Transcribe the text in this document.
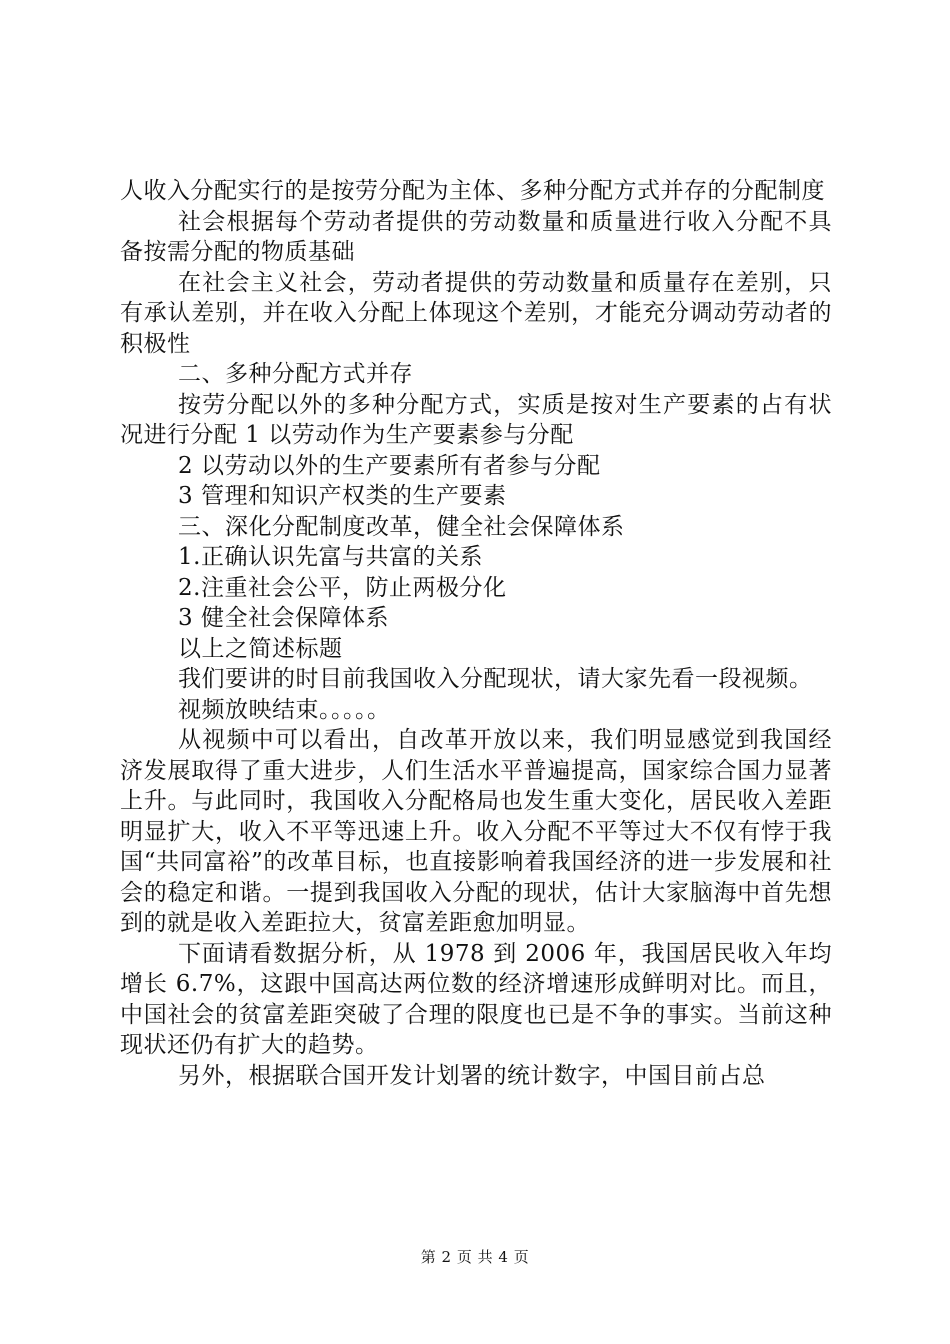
人收入分配实行的是按劳分配为主体、多种分配方式并存的分配制度

社会根据每个劳动者提供的劳动数量和质量进行收入分配不具备按需分配的物质基础

在社会主义社会，劳动者提供的劳动数量和质量存在差别，只有承认差别，并在收入分配上体现这个差别，才能充分调动劳动者的积极性

二、多种分配方式并存

按劳分配以外的多种分配方式，实质是按对生产要素的占有状况进行分配 1 以劳动作为生产要素参与分配

2 以劳动以外的生产要素所有者参与分配

3 管理和知识产权类的生产要素

三、深化分配制度改革，健全社会保障体系

1.正确认识先富与共富的关系

2.注重社会公平，防止两极分化

3 健全社会保障体系

以上之简述标题

我们要讲的时目前我国收入分配现状，请大家先看一段视频。

视频放映结束。。。。。

从视频中可以看出，自改革开放以来，我们明显感觉到我国经济发展取得了重大进步，人们生活水平普遍提高，国家综合国力显著上升。与此同时，我国收入分配格局也发生重大变化，居民收入差距明显扩大，收入不平等迅速上升。收入分配不平等过大不仅有悖于我国“共同富裕”的改革目标，也直接影响着我国经济的进一步发展和社会的稳定和谐。一提到我国收入分配的现状，估计大家脑海中首先想到的就是收入差距拉大，贫富差距愈加明显。

下面请看数据分析，从 1978 到 2006 年，我国居民收入年均增长 6.7%，这跟中国高达两位数的经济增速形成鲜明对比。而且，中国社会的贫富差距突破了合理的限度也已是不争的事实。当前这种现状还仍有扩大的趋势。

另外，根据联合国开发计划署的统计数字，中国目前占总

第 2 页 共 4 页
